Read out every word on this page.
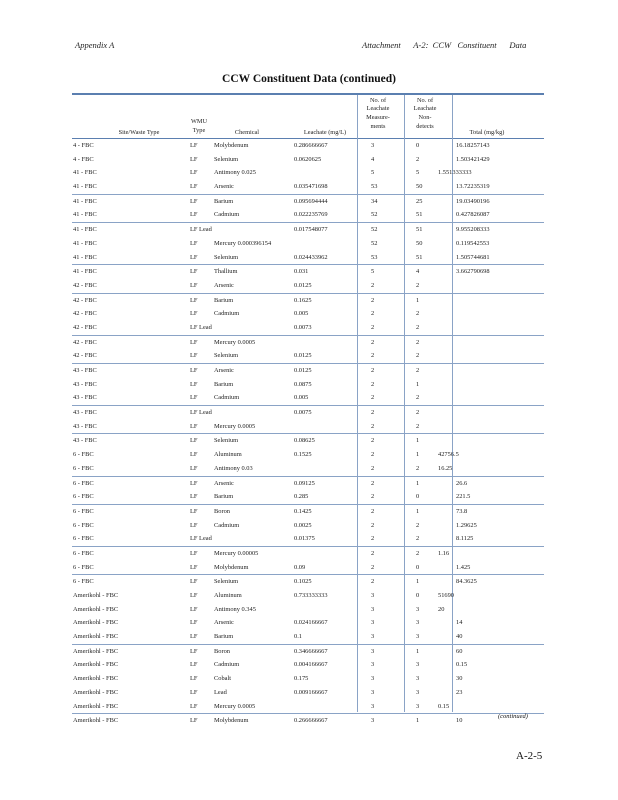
Appendix A	Attachment      A-2:  CCW   Constituent      Data
CCW Constituent Data (continued)
Site/Waste Type
WMU
Type	Chemical	Leachate (mg/L)
No. of
Leachate
Measure-
ments
No. of
Leachate
Non-
detects
Total (mg/kg)
4 - FBC	LF	Molybdenum	0.286666667	3	0	16.18257143
4 - FBC	LF	Selenium	0.0620625	4	2	1.503421429
41 - FBC	LF	Antimony 0.025	5	5	1.551333333
41 - FBC	LF	Arsenic	0.035471698	53	50	13.72235319
41 - FBC	LF	Barium	0.095694444	34	25	19.03490196
41 - FBC	LF	Cadmium	0.022235769	52	51	0.427826087
41 - FBC	LF Lead	0.017548077	52	51	9.955208333
41 - FBC	LF	Mercury 0.000396154	52	50	0.119542553
41 - FBC	LF	Selenium	0.024433962	53	51	1.505744681
41 - FBC	LF	Thallium	0.031	5	4	3.662790698
42 - FBC	LF	Arsenic	0.0125	2	2
42 - FBC	LF	Barium	0.1625	2	1
42 - FBC	LF	Cadmium	0.005	2	2
42 - FBC	LF Lead	0.0073	2	2
42 - FBC	LF	Mercury 0.0005	2	2
42 - FBC	LF	Selenium	0.0125	2	2
43 - FBC	LF	Arsenic	0.0125	2	2
43 - FBC	LF	Barium	0.0875	2	1
43 - FBC	LF	Cadmium	0.005	2	2
43 - FBC	LF Lead	0.0075	2	2
43 - FBC	LF	Mercury 0.0005	2	2
43 - FBC	LF	Selenium	0.08625	2	1
6 - FBC	LF	Aluminum	0.1525	2	1	42756.5
6 - FBC	LF	Antimony 0.03	2	2	16.25
6 - FBC	LF	Arsenic	0.09125	2	1	26.6
6 - FBC	LF	Barium	0.285	2	0	221.5
6 - FBC	LF	Boron	0.1425	2	1	73.8
6 - FBC	LF	Cadmium	0.0025	2	2	1.29625
6 - FBC	LF Lead	0.01375	2	2	8.1125
6 - FBC	LF	Mercury 0.00005	2	2	1.16
6 - FBC	LF	Molybdenum	0.09	2	0	1.425
6 - FBC	LF	Selenium	0.1025	2	1	84.3625
Amerikohl - FBC	LF	Aluminum	0.733333333	3	0	51690
Amerikohl - FBC	LF	Antimony 0.345	3	3	20
Amerikohl - FBC	LF	Arsenic	0.024166667	3	3	14
Amerikohl - FBC	LF	Barium	0.1	3	3	40
Amerikohl - FBC	LF	Boron	0.346666667	3	1	60
Amerikohl - FBC	LF	Cadmium	0.004166667	3	3	0.15
Amerikohl - FBC	LF	Cobalt	0.175	3	3	30
Amerikohl - FBC	LF	Lead	0.009166667	3	3	23
Amerikohl - FBC	LF	Mercury 0.0005	3	3	0.15
Amerikohl - FBC	LF	Molybdenum	0.266666667	3	1	10
(continued)
A-2-5
